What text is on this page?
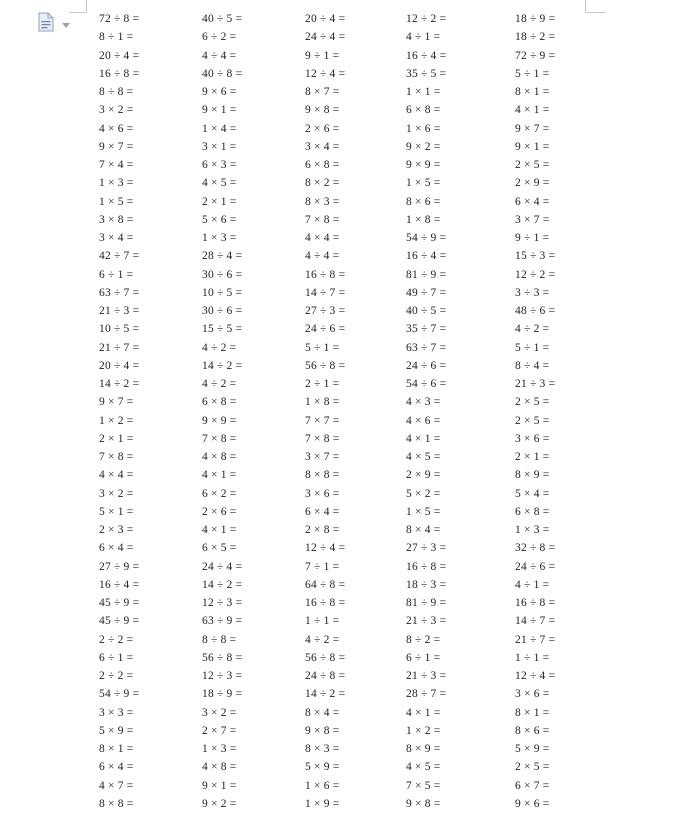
72 ÷ 8 =
8 ÷ 1 =
20 ÷ 4 =
16 ÷ 8 =
8 ÷ 8 =
3 × 2 =
4 × 6 =
9 × 7 =
7 × 4 =
1 × 3 =
1 × 5 =
3 × 8 =
3 × 4 =
42 ÷ 7 =
6 ÷ 1 =
63 ÷ 7 =
21 ÷ 3 =
10 ÷ 5 =
21 ÷ 7 =
20 ÷ 4 =
14 ÷ 2 =
9 × 7 =
1 × 2 =
2 × 1 =
7 × 8 =
4 × 4 =
3 × 2 =
5 × 1 =
2 × 3 =
6 × 4 =
27 ÷ 9 =
16 ÷ 4 =
45 ÷ 9 =
45 ÷ 9 =
2 ÷ 2 =
6 ÷ 1 =
2 ÷ 2 =
54 ÷ 9 =
3 × 3 =
5 × 9 =
8 × 1 =
6 × 4 =
4 × 7 =
8 × 8 =
40 ÷ 5 =
6 ÷ 2 =
4 ÷ 4 =
40 ÷ 8 =
9 × 6 =
9 × 1 =
1 × 4 =
3 × 1 =
6 × 3 =
4 × 5 =
2 × 1 =
5 × 6 =
1 × 3 =
28 ÷ 4 =
30 ÷ 6 =
10 ÷ 5 =
30 ÷ 6 =
15 ÷ 5 =
4 ÷ 2 =
14 ÷ 2 =
4 ÷ 2 =
6 × 8 =
9 × 9 =
7 × 8 =
4 × 8 =
4 × 1 =
6 × 2 =
2 × 6 =
4 × 1 =
6 × 5 =
24 ÷ 4 =
14 ÷ 2 =
12 ÷ 3 =
63 ÷ 9 =
8 ÷ 8 =
56 ÷ 8 =
12 ÷ 3 =
18 ÷ 9 =
3 × 2 =
2 × 7 =
1 × 3 =
4 × 8 =
9 × 1 =
9 × 2 =
20 ÷ 4 =
24 ÷ 4 =
9 ÷ 1 =
12 ÷ 4 =
8 × 7 =
9 × 8 =
2 × 6 =
3 × 4 =
6 × 8 =
8 × 2 =
8 × 3 =
7 × 8 =
4 × 4 =
4 ÷ 4 =
16 ÷ 8 =
14 ÷ 7 =
27 ÷ 3 =
24 ÷ 6 =
5 ÷ 1 =
56 ÷ 8 =
2 ÷ 1 =
1 × 8 =
7 × 7 =
7 × 8 =
3 × 7 =
8 × 8 =
3 × 6 =
6 × 4 =
2 × 8 =
12 ÷ 4 =
7 ÷ 1 =
64 ÷ 8 =
16 ÷ 8 =
1 ÷ 1 =
4 ÷ 2 =
56 ÷ 8 =
24 ÷ 8 =
14 ÷ 2 =
8 × 4 =
9 × 8 =
8 × 3 =
5 × 9 =
1 × 6 =
1 × 9 =
12 ÷ 2 =
4 ÷ 1 =
16 ÷ 4 =
35 ÷ 5 =
1 × 1 =
6 × 8 =
1 × 6 =
9 × 2 =
9 × 9 =
1 × 5 =
8 × 6 =
1 × 8 =
54 ÷ 9 =
16 ÷ 4 =
81 ÷ 9 =
49 ÷ 7 =
40 ÷ 5 =
35 ÷ 7 =
63 ÷ 7 =
24 ÷ 6 =
54 ÷ 6 =
4 × 3 =
4 × 6 =
4 × 1 =
4 × 5 =
2 × 9 =
5 × 2 =
1 × 5 =
8 × 4 =
27 ÷ 3 =
16 ÷ 8 =
18 ÷ 3 =
81 ÷ 9 =
21 ÷ 3 =
8 ÷ 2 =
6 ÷ 1 =
21 ÷ 3 =
28 ÷ 7 =
4 × 1 =
1 × 2 =
8 × 9 =
4 × 5 =
7 × 5 =
9 × 8 =
18 ÷ 9 =
18 ÷ 2 =
72 ÷ 9 =
5 ÷ 1 =
8 × 1 =
4 × 1 =
9 × 7 =
9 × 1 =
2 × 5 =
2 × 9 =
6 × 4 =
3 × 7 =
9 ÷ 1 =
15 ÷ 3 =
12 ÷ 2 =
3 ÷ 3 =
48 ÷ 6 =
4 ÷ 2 =
5 ÷ 1 =
8 ÷ 4 =
21 ÷ 3 =
2 × 5 =
2 × 5 =
3 × 6 =
2 × 1 =
8 × 9 =
5 × 4 =
6 × 8 =
1 × 3 =
32 ÷ 8 =
24 ÷ 6 =
4 ÷ 1 =
16 ÷ 8 =
14 ÷ 7 =
21 ÷ 7 =
1 ÷ 1 =
12 ÷ 4 =
3 × 6 =
8 × 1 =
8 × 6 =
5 × 9 =
2 × 5 =
6 × 7 =
9 × 6 =
